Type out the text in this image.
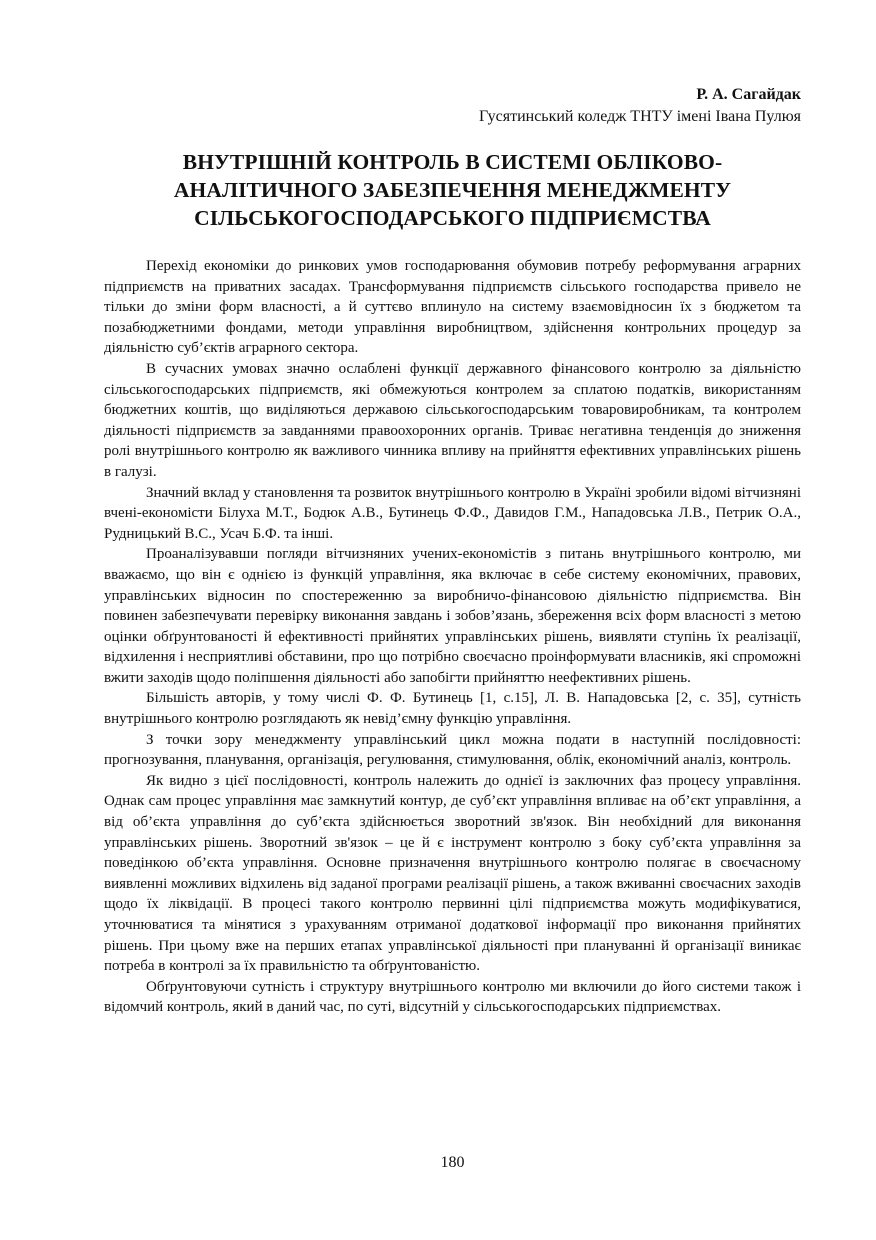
Р. А. Сагайдак
Гусятинський коледж ТНТУ імені Івана Пулюя
ВНУТРІШНІЙ КОНТРОЛЬ В СИСТЕМІ ОБЛІКОВО-
АНАЛІТИЧНОГО ЗАБЕЗПЕЧЕННЯ МЕНЕДЖМЕНТУ
СІЛЬСЬКОГОСПОДАРСЬКОГО ПІДПРИЄМСТВА

Перехід економіки до ринкових умов господарювання обумовив потребу реформування аграрних підприємств на приватних засадах. Трансформування підприємств сільського господарства привело не тільки до зміни форм власності, а й суттєво вплинуло на систему взаємовідносин їх з бюджетом та позабюджетними фондами, методи управління виробництвом, здійснення контрольних процедур за діяльністю суб’єктів аграрного сектора.

В сучасних умовах значно ослаблені функції державного фінансового контролю за діяльністю сільськогосподарських підприємств, які обмежуються контролем за сплатою податків, використанням бюджетних коштів, що виділяються державою сільськогосподарським товаровиробникам, та контролем діяльності підприємств за завданнями правоохоронних органів. Триває негативна тенденція до зниження ролі внутрішнього контролю як важливого чинника впливу на прийняття ефективних управлінських рішень в галузі.

Значний вклад у становлення та розвиток внутрішнього контролю в Україні зробили відомі вітчизняні вчені-економісти Білуха М.Т., Бодюк А.В., Бутинець Ф.Ф., Давидов Г.М., Нападовська Л.В., Петрик О.А., Рудницький В.С., Усач Б.Ф. та інші.

Проаналізувавши погляди вітчизняних учених-економістів з питань внутрішнього контролю, ми вважаємо, що він є однією із функцій управління, яка включає в себе систему економічних, правових, управлінських відносин по спостереженню за виробничо-фінансовою діяльністю підприємства. Він повинен забезпечувати перевірку виконання завдань і зобов’язань, збереження всіх форм власності з метою оцінки обґрунтованості й ефективності прийнятих управлінських рішень, виявляти ступінь їх реалізації, відхилення і несприятливі обставини, про що потрібно своєчасно проінформувати власників, які спроможні вжити заходів щодо поліпшення діяльності або запобігти прийняттю неефективних рішень.

Більшість авторів, у тому числі Ф. Ф. Бутинець [1, с.15], Л. В. Нападовська [2, с. 35], сутність внутрішнього контролю розглядають як невід’ємну функцію управління.

З точки зору менеджменту управлінський цикл можна подати в наступній послідовності: прогнозування, планування, організація, регулювання, стимулювання, облік, економічний аналіз, контроль.

Як видно з цієї послідовності, контроль належить до однієї із заключних фаз процесу управління. Однак сам процес управління має замкнутий контур, де суб’єкт управління впливає на об’єкт управління, а від об’єкта управління до суб’єкта здійснюється зворотний зв'язок. Він необхідний для виконання управлінських рішень. Зворотний зв'язок – це й є інструмент контролю з боку суб’єкта управління за поведінкою об’єкта управління. Основне призначення внутрішнього контролю полягає в своєчасному виявленні можливих відхилень від заданої програми реалізації рішень, а також вживанні своєчасних заходів щодо їх ліквідації. В процесі такого контролю первинні цілі підприємства можуть модифікуватися, уточнюватися та мінятися з урахуванням отриманої додаткової інформації про виконання прийнятих рішень. При цьому вже на перших етапах управлінської діяльності при плануванні й організації виникає потреба в контролі за їх правильністю та обґрунтованістю.

Обґрунтовуючи сутність і структуру внутрішнього контролю ми включили до його системи також і відомчий контроль, який в даний час, по суті, відсутній у сільськогосподарських підприємствах.

180
